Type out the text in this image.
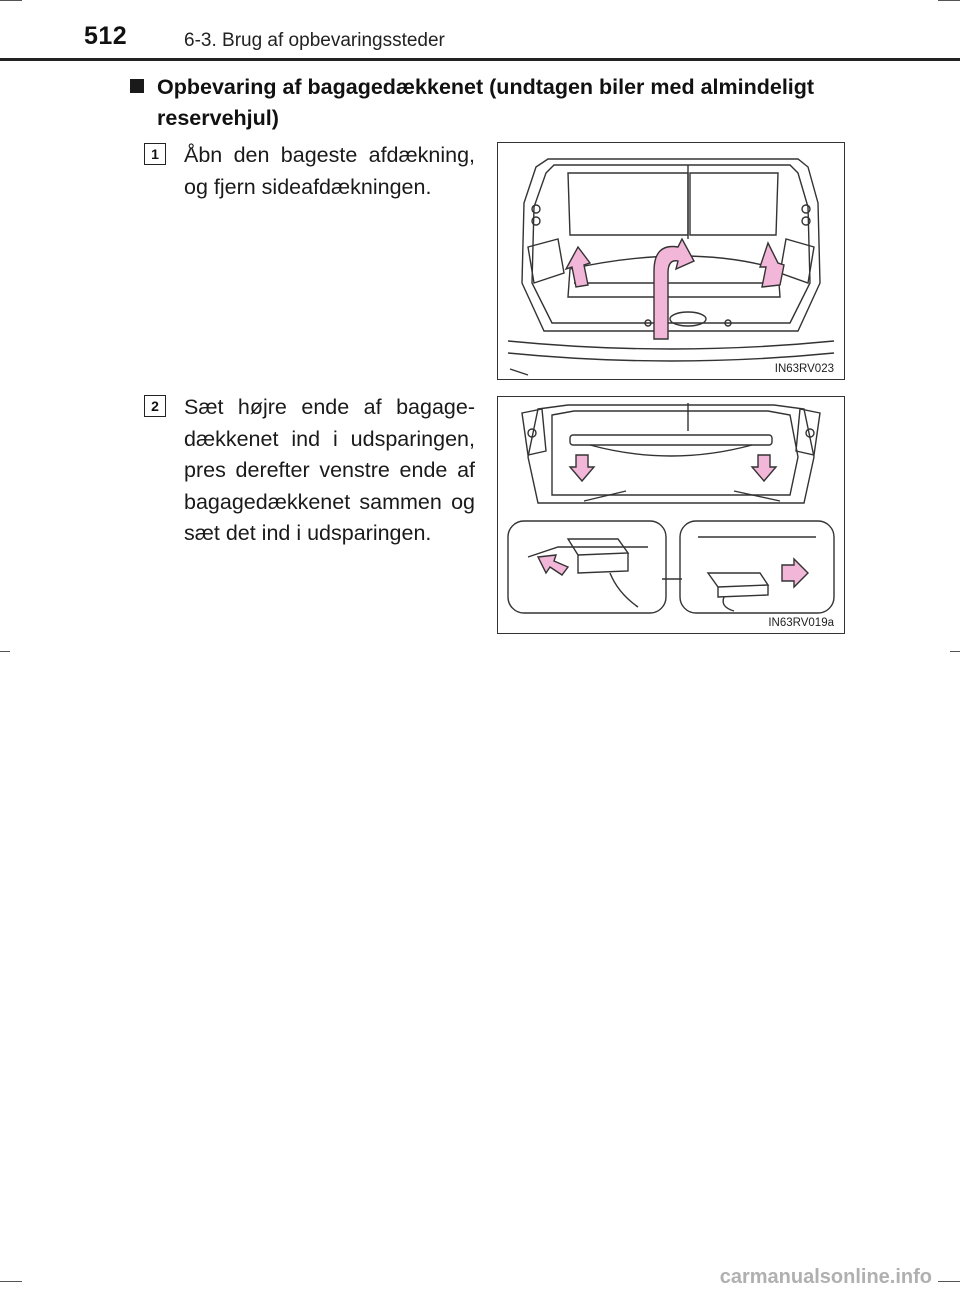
512	6-3. Brug af opbevaringssteder
Opbevaring af bagagedækkenet (undtagen biler med almindeligt
reservehjul)
1	Åbn den bageste afdækning, og fjern sideafdækningen.
IN63RV023
2	Sæt højre ende af bagage-dækkenet ind i udsparingen, pres derefter venstre ende af bagagedækkenet sammen og sæt det ind i udsparingen.
IN63RV019a
carmanualsonline.info
